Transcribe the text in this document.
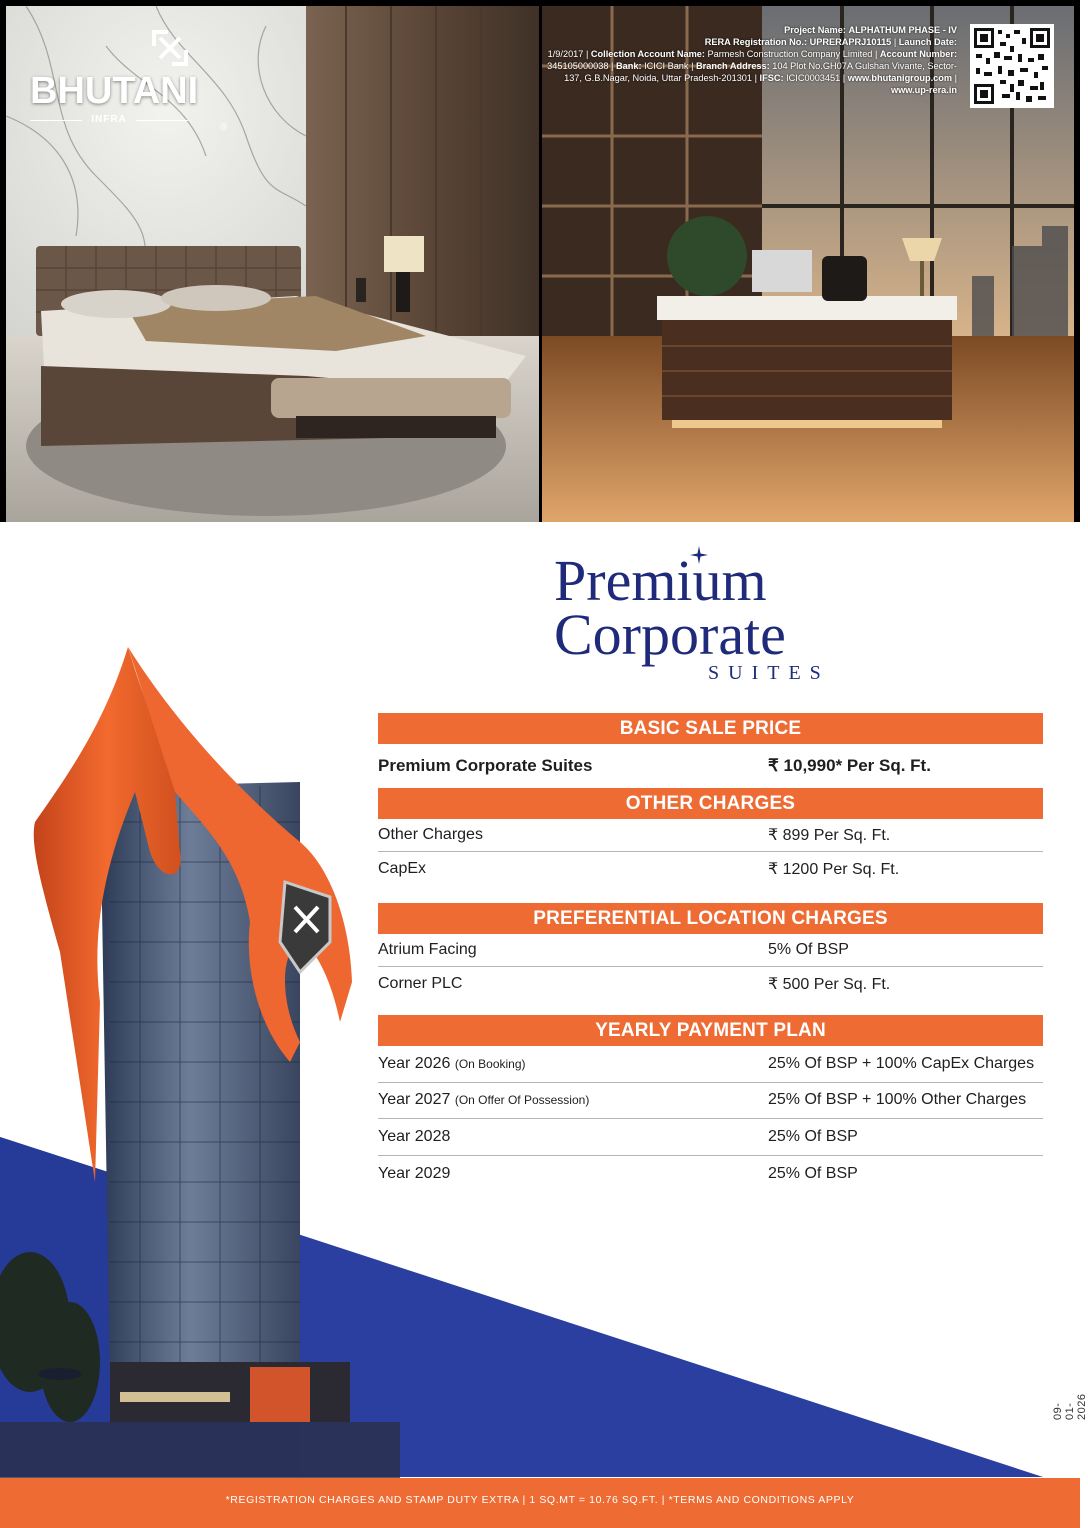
BHUTANI
®
INFRA
Project Name: ALPHATHUM PHASE - IV
RERA Registration No.: UPRERAPRJ10115 | Launch Date:
1/9/2017 | Collection Account Name: Parmesh Construction Company Limited | Account Number: 345105000038 | Bank: ICICI Bank | Branch Address: 104 Plot No.GH07A Gulshan Vivante, Sector-137, G.B.Nagar, Noida, Uttar Pradesh-201301 | IFSC: ICIC0003451 | www.bhutanigroup.com | www.up-rera.in
Premium
Corporate
SUITES
BASIC SALE PRICE
Premium Corporate Suites	₹ 10,990* Per Sq. Ft.
OTHER CHARGES
Other Charges	₹ 899 Per Sq. Ft.
CapEx	₹ 1200 Per Sq. Ft.
PREFERENTIAL LOCATION CHARGES
Atrium Facing	5% Of BSP
Corner PLC	₹ 500 Per Sq. Ft.
YEARLY PAYMENT PLAN
Year 2026 (On Booking)	25% Of BSP + 100% CapEx Charges
Year 2027 (On Offer Of Possession)	25% Of BSP + 100% Other Charges
Year 2028	25% Of BSP
Year 2029	25% Of BSP
09-01-2026
*REGISTRATION CHARGES AND STAMP DUTY EXTRA | 1 SQ.MT = 10.76 SQ.FT. | *TERMS AND CONDITIONS APPLY
